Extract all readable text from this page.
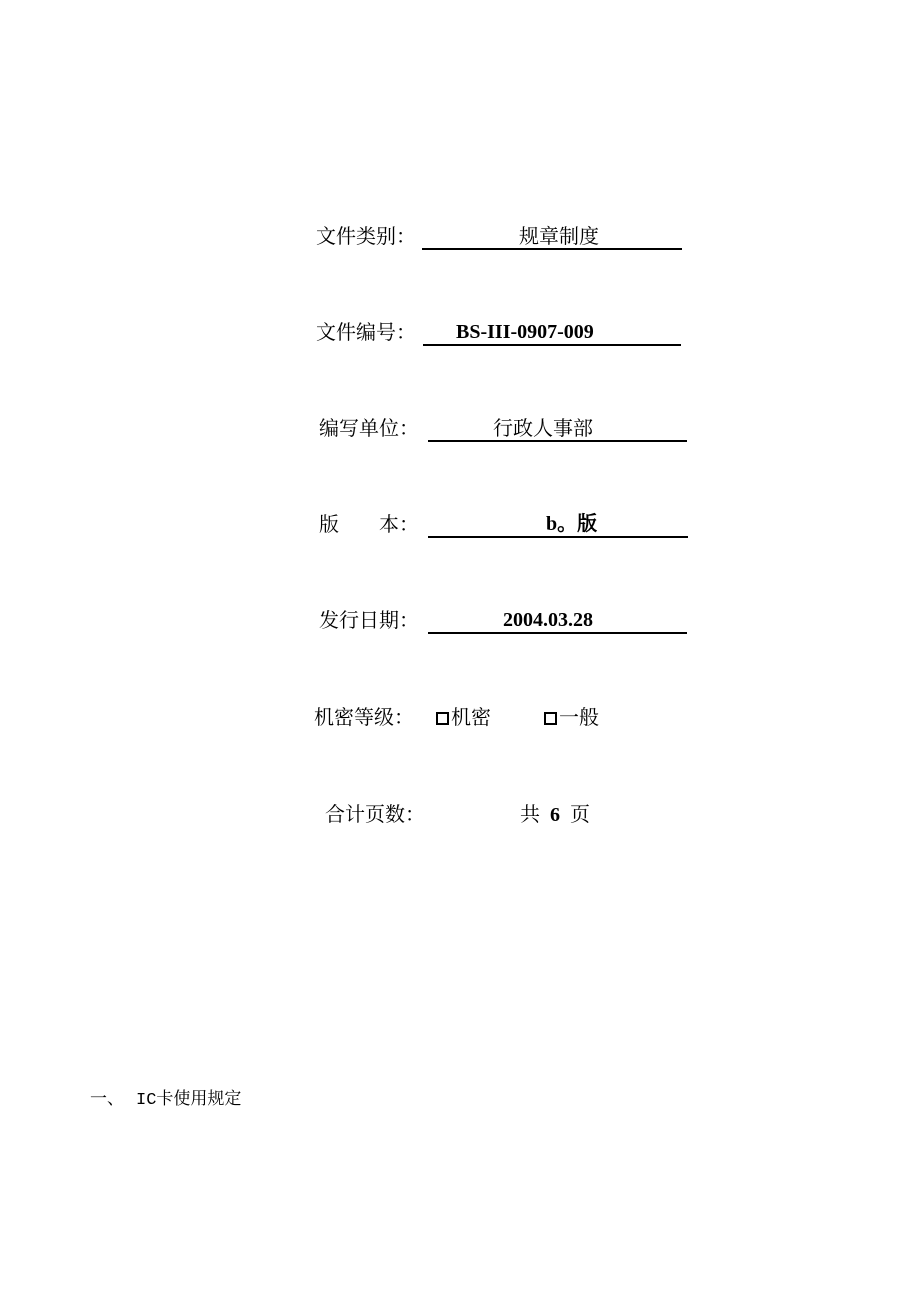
文件类别：	规章制度
文件编号： BS-III-0907-009
编写单位：	行政人事部
版　　本：	b。版
发行日期：	2004.03.28
机密等级：	机密	一般
合计页数：	共 6 页
一、 IC卡使用规定
